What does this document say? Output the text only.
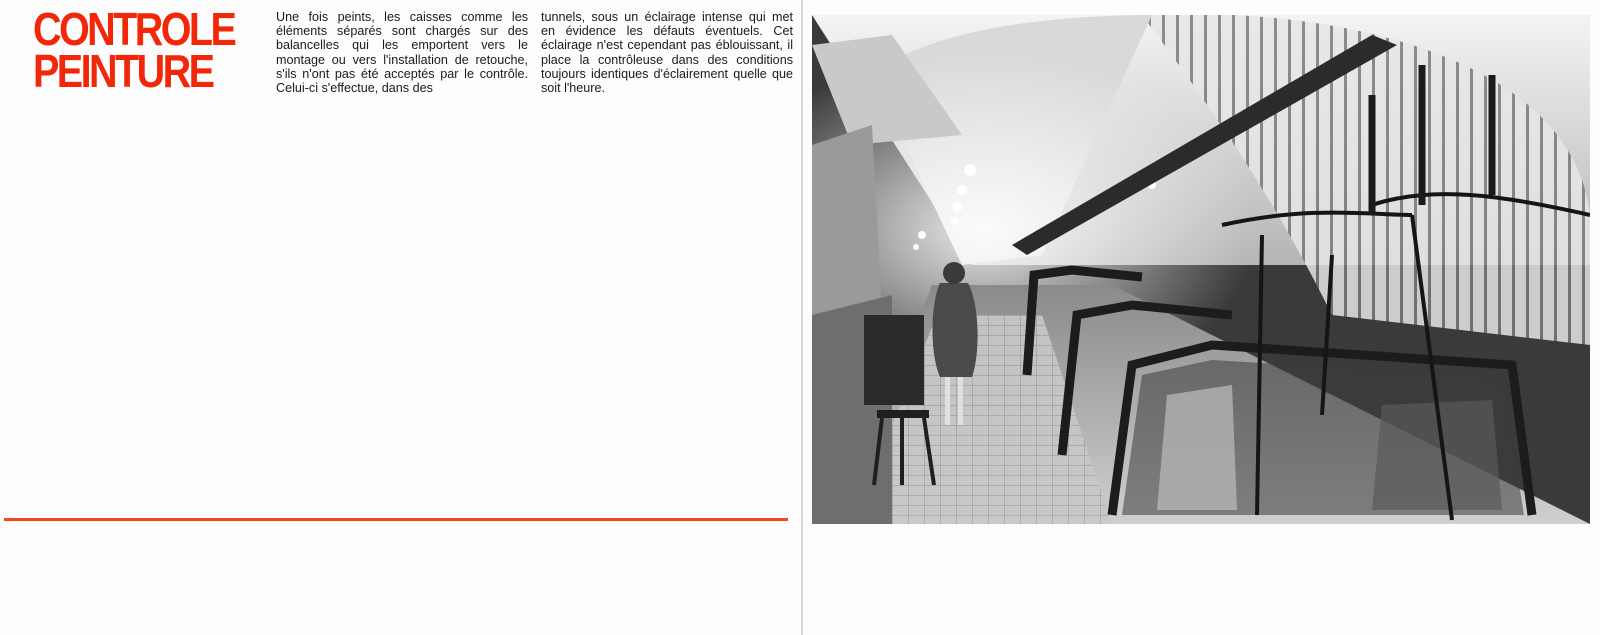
CONTROLE
PEINTURE

Une fois peints, les caisses comme les éléments séparés sont chargés sur des balancelles qui les emportent vers le montage ou vers l'installation de retouche, s'ils n'ont pas été acceptés par le contrôle. Celui-ci s'effectue, dans des

tunnels, sous un éclairage intense qui met en évidence les défauts éventuels. Cet éclairage n'est cependant pas éblouissant, il place la contrôleuse dans des conditions toujours identiques d'éclairement quelle que soit l'heure.
